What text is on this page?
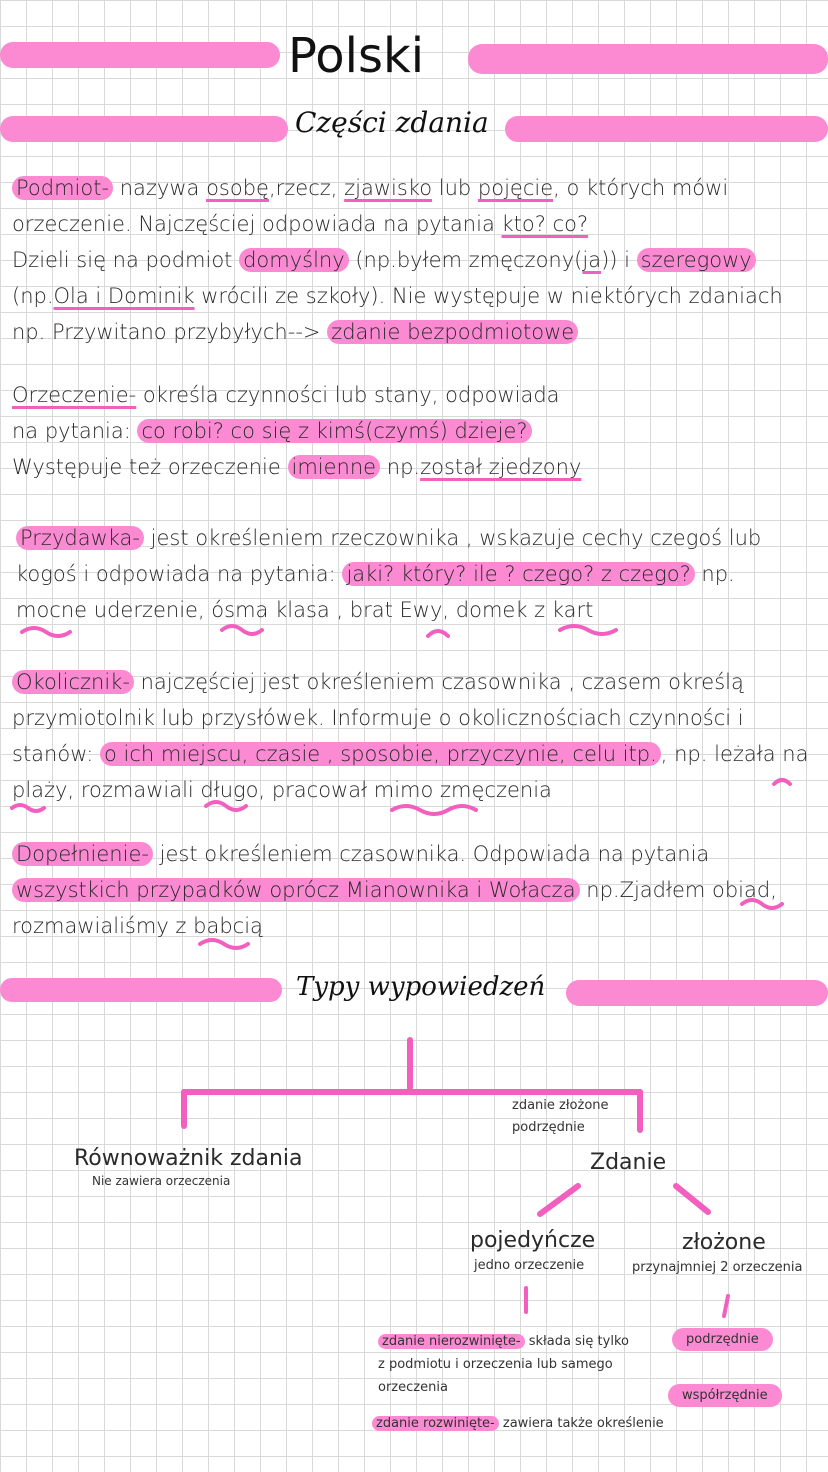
Polski
Części zdania
Podmiot- nazywa osobę,rzecz, zjawisko lub pojęcie, o których mówi
orzeczenie. Najczęściej odpowiada na pytania kto? co?
Dzieli się na podmiot domyślny (np.byłem zmęczony(ja)) i szeregowy
(np.Ola i Dominik wrócili ze szkoły). Nie występuje w niektórych zdaniach
np. Przywitano przybyłych--> zdanie bezpodmiotowe
Orzeczenie- określa czynności lub stany, odpowiada
na pytania: co robi? co się z kimś(czymś) dzieje?
Występuje też orzeczenie imienne np.został zjedzony
Przydawka- jest określeniem rzeczownika , wskazuje cechy czegoś lub
kogoś i odpowiada na pytania: jaki? który? ile ? czego? z czego? np.
mocne uderzenie, ósma klasa , brat Ewy, domek z kart
Okolicznik- najczęściej jest określeniem czasownika , czasem określą
przymiotolnik lub przysłówek. Informuje o okolicznościach czynności i
stanów: o ich miejscu, czasie , sposobie, przyczynie, celu itp. , np. leżała na
plaży, rozmawiali długo, pracował mimo zmęczenia
Dopełnienie- jest określeniem czasownika. Odpowiada na pytania
wszystkich przypadków oprócz Mianownika i Wołacza np.Zjadłem obiad,
rozmawialiśmy z babcią
Typy wypowiedzeń
Równoważnik zdania
Nie zawiera orzeczenia
zdanie złożone
podrzędnie
Zdanie
pojedyńcze
jedno orzeczenie
złożone
przynajmniej 2 orzeczenia
zdanie nierozwinięte- składa się tylko
z podmiotu i orzeczenia lub samego
orzeczenia
zdanie rozwinięte- zawiera także określenie
podrzędnie
współrzędnie
